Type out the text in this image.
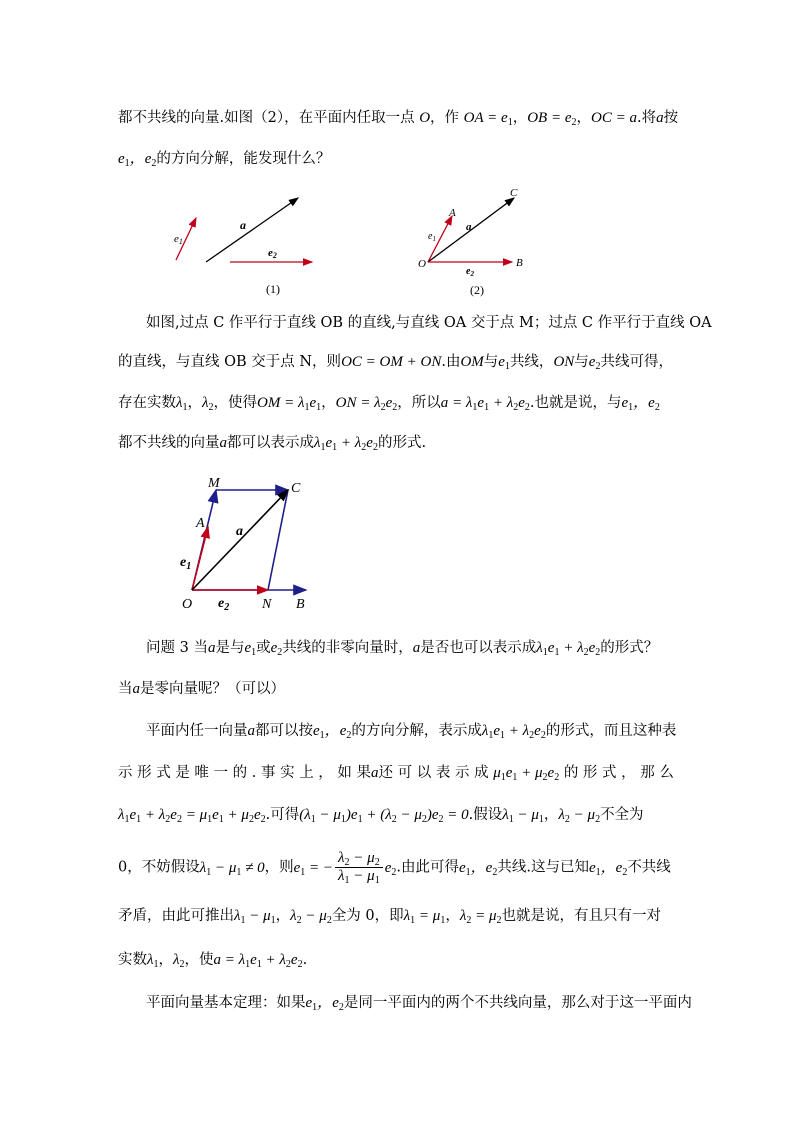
都不共线的向量.如图（2），在平面内任取一点 O，作 OA = $e_1$，OB = $e_2$，OC = a.将a按
$e_1$，$e_2$的方向分解，能发现什么？
e1
a
e2
(1)
A
$e_1$
C
a
B
O
$e_2$
(2)
如图,过点 C 作平行于直线 OB 的直线,与直线 OA 交于点 M；过点 C 作平行于直线 OA
的直线，与直线 OB 交于点 N，则OC = OM + ON.由OM与$e_1$共线，ON与$e_2$共线可得，
存在实数$\lambda_1$，$\lambda_2$，使得OM = $\lambda_1e_1$，ON = $\lambda_2e_2$，所以$a = \lambda_1e_1 + \lambda_2e_2$.也就是说，与$e_1$，$e_2$
都不共线的向量a都可以表示成$\lambda_1e_1 + \lambda_2e_2$的形式.
M	C
A
a
$e_1$
O $e_2$ N B
问题 3 当a是与$e_1$或$e_2$共线的非零向量时，a是否也可以表示成$\lambda_1e_1 + \lambda_2e_2$的形式？
当a是零向量呢？（可以）
平面内任一向量a都可以按$e_1$，$e_2$的方向分解，表示成$\lambda_1e_1 + \lambda_2e_2$的形式，而且这种表
示 形 式 是 唯 一 的 . 事 实 上 ， 如 果a还 可 以 表 示 成 $\mu_1e_1 + \mu_2e_2$ 的 形 式 ， 那 么
$\lambda_1e_1 + \lambda_2e_2 = \mu_1e_1 + \mu_2e_2$.可得$(\lambda_1 - \mu_1)e_1 + (\lambda_2 - \mu_2)e_2 = 0$.假设$\lambda_1 - \mu_1$，$\lambda_2 - \mu_2$不全为
0，不妨假设$\lambda_1 - \mu_1 \ne 0$，则$e_1$ = − $\frac{\lambda_2 - \mu_2}{\lambda_1 - \mu_1} e_2$.由此可得$e_1$，$e_2$共线.这与已知$e_1$，$e_2$不共线
矛盾，由此可推出$\lambda_1 - \mu_1$，$\lambda_2 - \mu_2$全为 0，即$\lambda_1 = \mu_1$，$\lambda_2 = \mu_2$也就是说，有且只有一对
实数$\lambda_1$，$\lambda_2$，使$a = \lambda_1e_1 + \lambda_2e_2$.
平面向量基本定理：如果$e_1$，$e_2$是同一平面内的两个不共线向量，那么对于这一平面内
